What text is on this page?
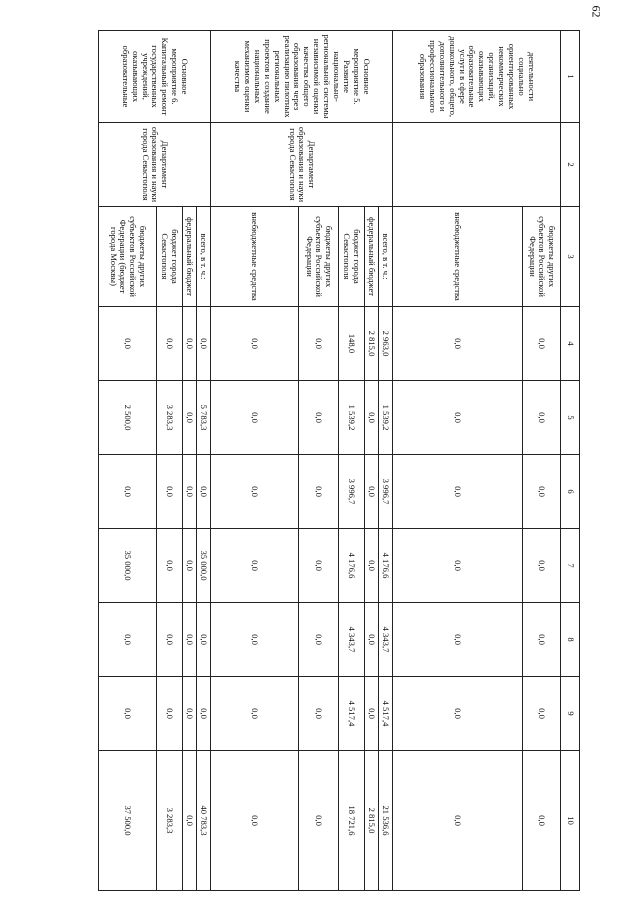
62
1	2	3	4	5	6	7	8	9	10
деятельности социально ориентированных некоммерческих организаций, оказывающих образовательные услуги в сфере дошкольного, общего, дополнительного и профессионального образования		бюджеты других субъектов Российской Федерации	0,0	0,0	0,0	0,0	0,0	0,0	0,0
		внебюджетные средства	0,0	0,0	0,0	0,0	0,0	0,0	0,0
Основное мероприятие 5. Развитие национально-региональной системы независимой оценки качества общего образования через реализацию пилотных региональных проектов и создание национальных механизмов оценки качества	Департамент образования и науки города Севастополя	всего, в т. ч.:	2 963,0	1 539,2	3 996,7	4 176,6	4 343,7	4 517,4	21 536,6
		федеральный бюджет	2 815,0	0,0	0,0	0,0	0,0	0,0	2 815,0
		бюджет города Севастополя	148,0	1 539,2	3 996,7	4 176,6	4 343,7	4 517,4	18 721,6
		бюджеты других субъектов Российской Федерации	0,0	0,0	0,0	0,0	0,0	0,0	0,0
		внебюджетные средства	0,0	0,0	0,0	0,0	0,0	0,0	0,0
Основное мероприятие 6. Капитальный ремонт государственных учреждений, оказывающих образовательные	Департамент образования и науки города Севастополя	всего, в т. ч.:	0,0	5 783,3	0,0	35 000,0	0,0	0,0	40 783,3
		федеральный бюджет	0,0	0,0	0,0	0,0	0,0	0,0	0,0
		бюджет города Севастополя	0,0	3 283,3	0,0	0,0	0,0	0,0	3 283,3
		бюджеты других субъектов Российской Федерации (бюджет города Москвы)	0,0	2 500,0	0,0	35 000,0	0,0	0,0	37 500,0
